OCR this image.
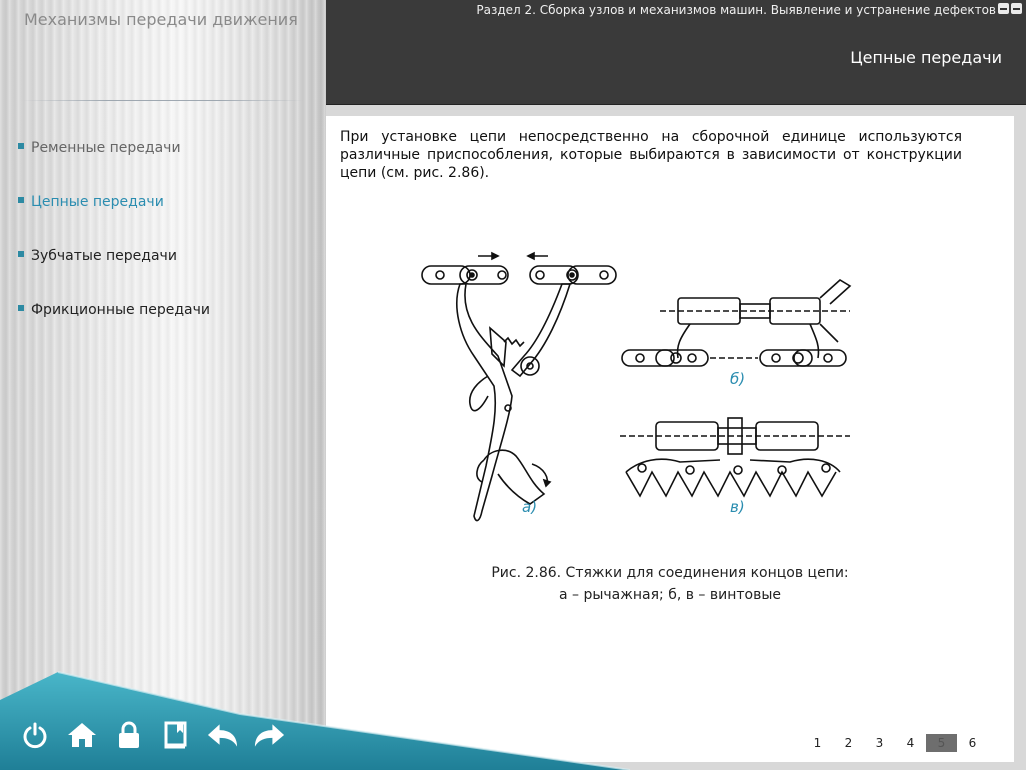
Механизмы передачи движения
Ременные передачи
Цепные передачи
Зубчатые передачи
Фрикционные передачи
Раздел 2. Сборка узлов и механизмов машин. Выявление и устранение дефектов
Цепные передачи
При установке цепи непосредственно на сборочной единице используются различные приспособления, которые выбираются в зависимости от конструкции цепи (см. рис. 2.86).
а)
б)
в)
Рис. 2.86. Стяжки для соединения концов цепи:
а – рычажная; б, в – винтовые
1	2	3	4	5	6
